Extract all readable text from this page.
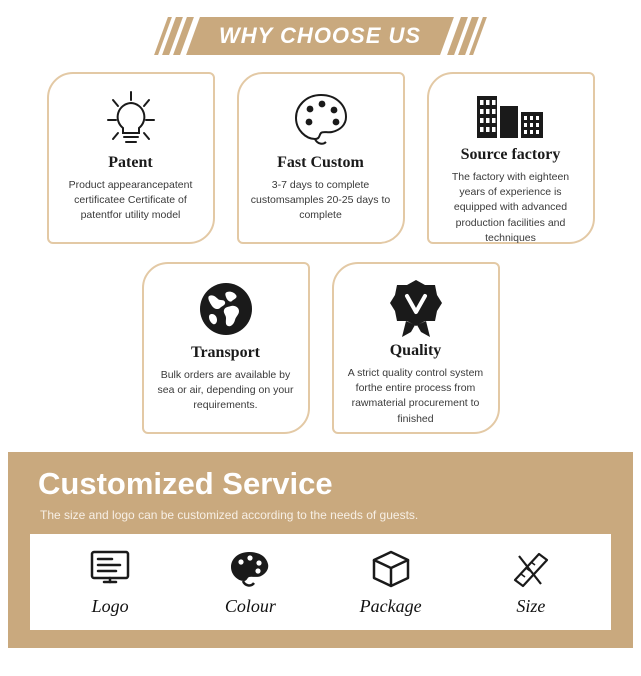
WHY CHOOSE US
Patent
Product appearancepatent certificatee Certificate of patentfor utility model
Fast Custom
3-7 days to complete customsamples 20-25 days to complete
Source factory
The factory with eighteen years of experience is equipped with advanced production facilities and techniques
Transport
Bulk orders are available by sea or air, depending on your requirements.
Quality
A strict quality control system forthe entire process from rawmaterial procurement to finished
Customized Service
The size and logo can be customized according to the needs of guests.
Logo	Colour	Package	Size
